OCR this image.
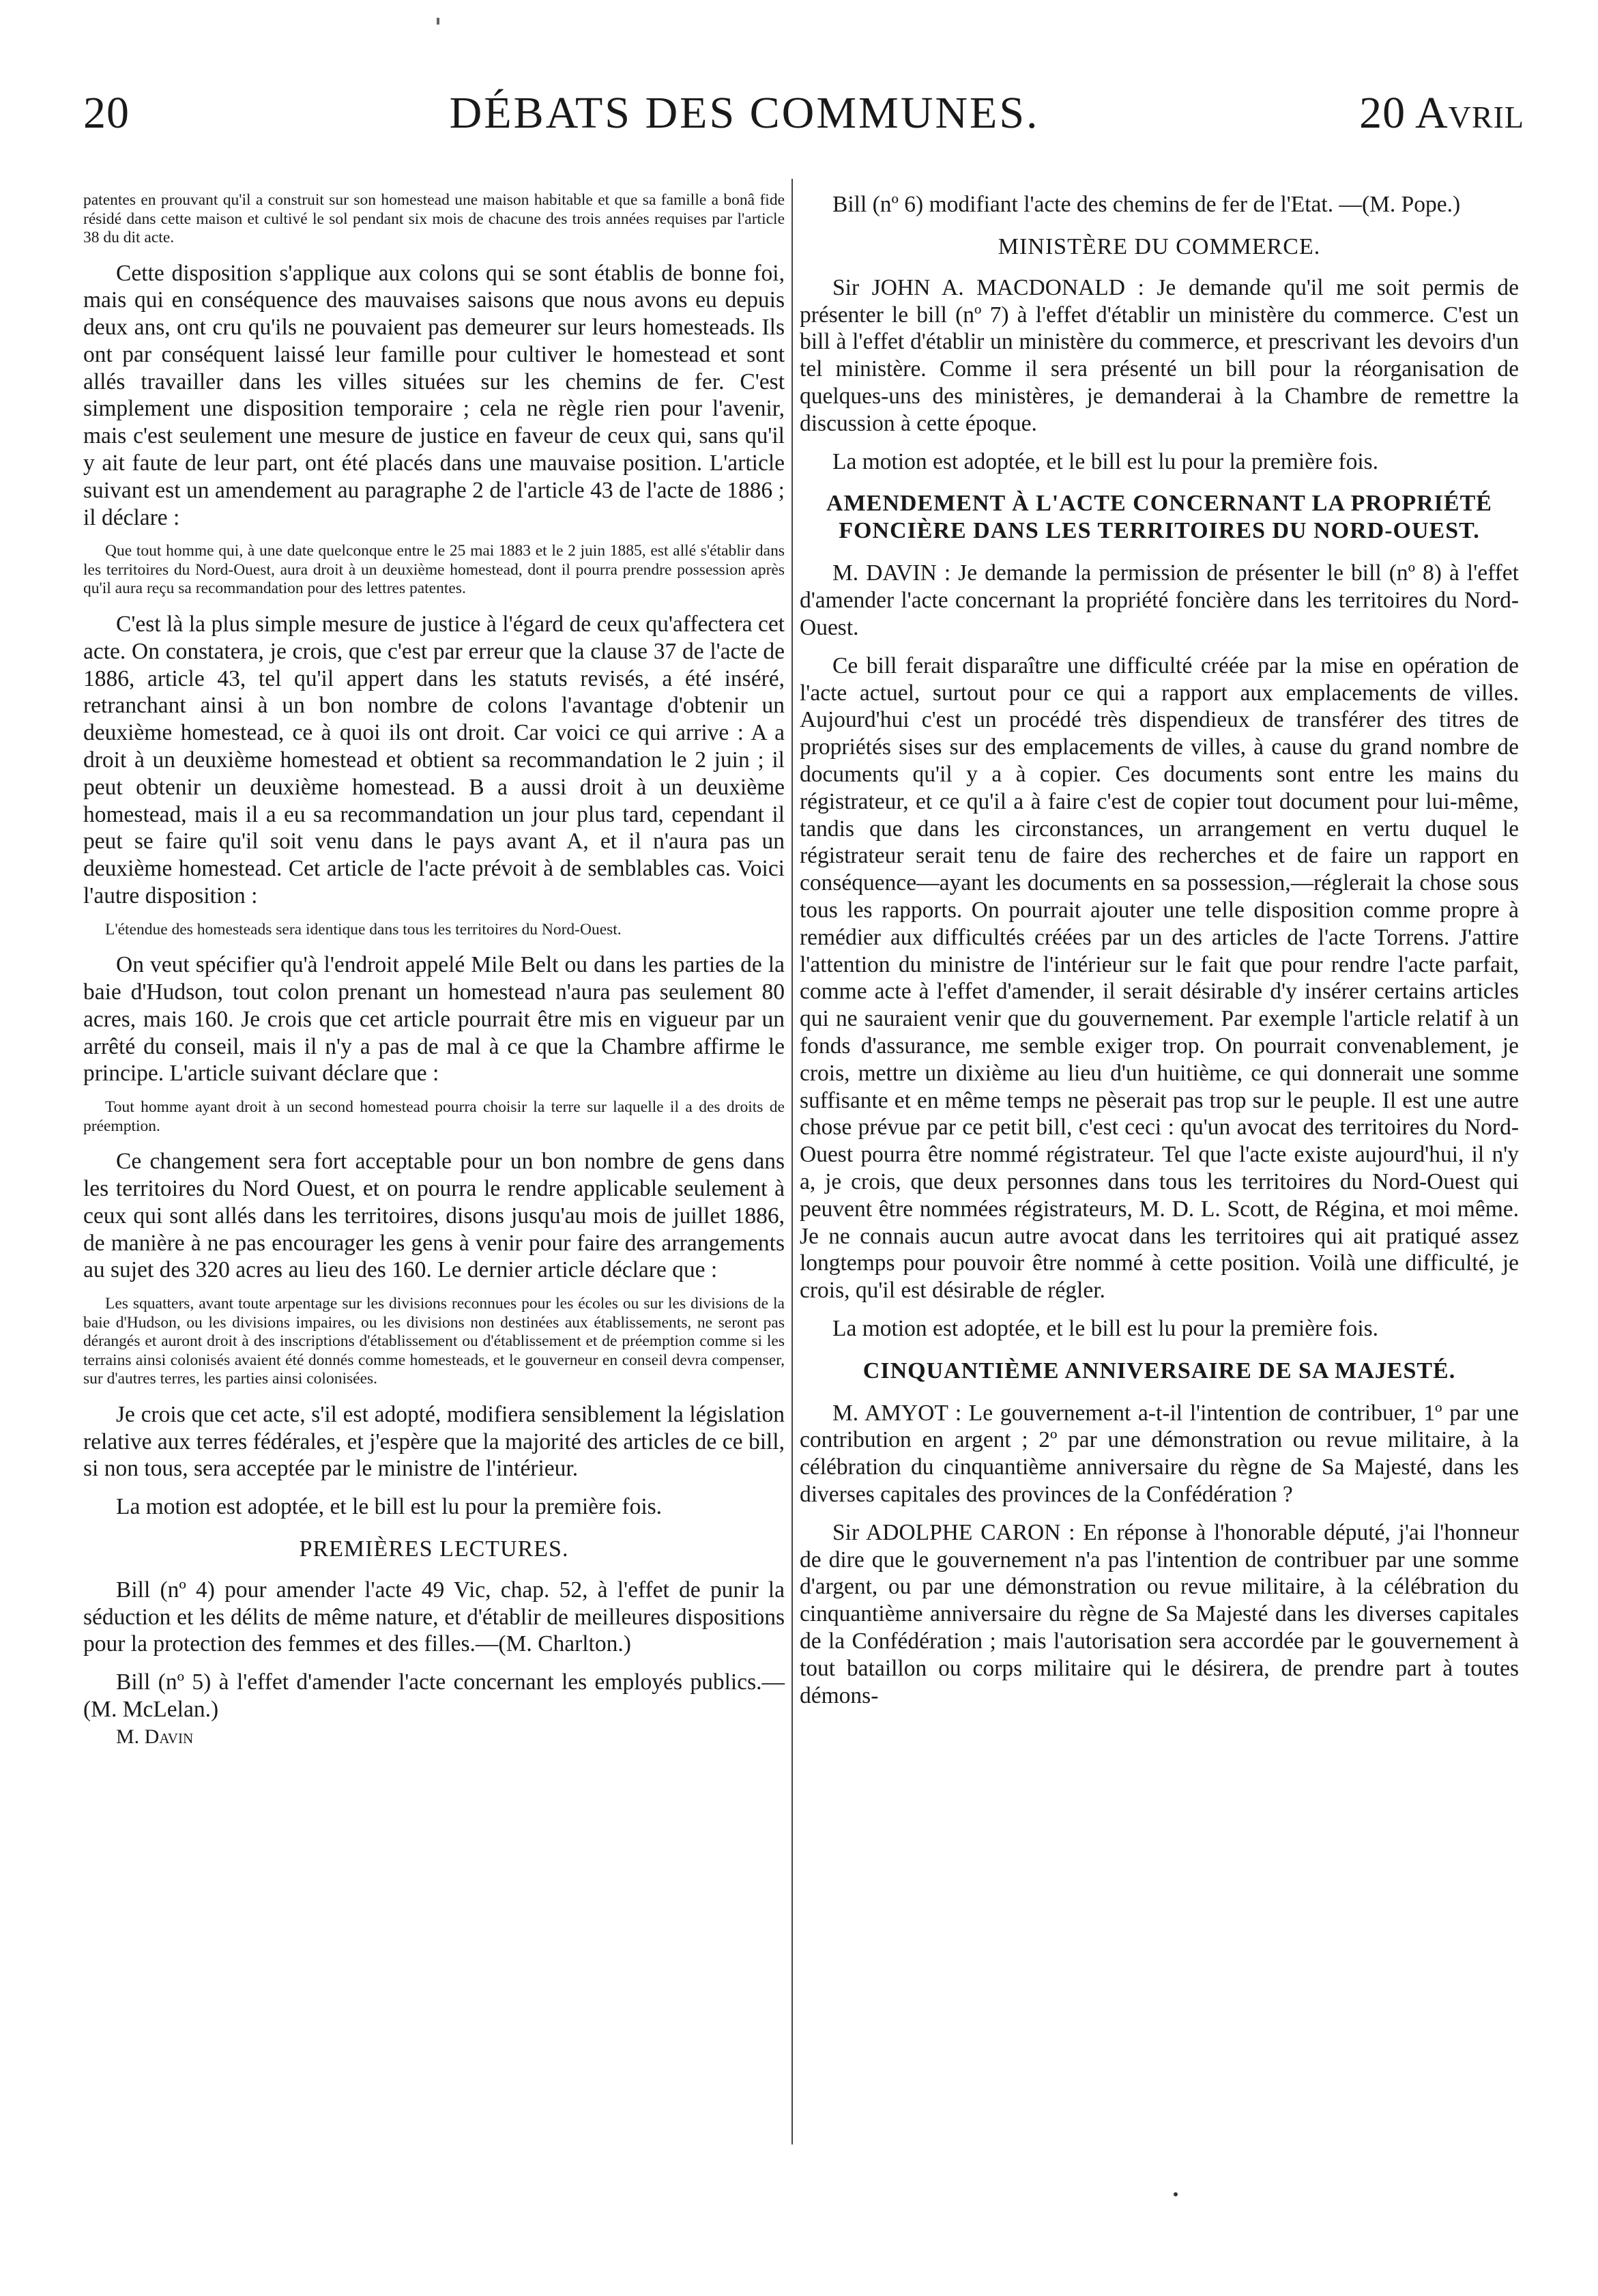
20	DÉBATS DES COMMUNES.	20 Avril

patentes en prouvant qu'il a construit sur son homestead une maison habitable et que sa famille a bonâ fide résidé dans cette maison et cultivé le sol pendant six mois de chacune des trois années requises par l'article 38 du dit acte.

Cette disposition s'applique aux colons qui se sont établis de bonne foi, mais qui en conséquence des mauvaises saisons que nous avons eu depuis deux ans, ont cru qu'ils ne pouvaient pas demeurer sur leurs homesteads. Ils ont par conséquent laissé leur famille pour cultiver le homestead et sont allés travailler dans les villes situées sur les chemins de fer. C'est simplement une disposition temporaire ; cela ne règle rien pour l'avenir, mais c'est seulement une mesure de justice en faveur de ceux qui, sans qu'il y ait faute de leur part, ont été placés dans une mauvaise position. L'article suivant est un amendement au paragraphe 2 de l'article 43 de l'acte de 1886 ; il déclare :

Que tout homme qui, à une date quelconque entre le 25 mai 1883 et le 2 juin 1885, est allé s'établir dans les territoires du Nord-Ouest, aura droit à un deuxième homestead, dont il pourra prendre possession après qu'il aura reçu sa recommandation pour des lettres patentes.

C'est là la plus simple mesure de justice à l'égard de ceux qu'affectera cet acte. On constatera, je crois, que c'est par erreur que la clause 37 de l'acte de 1886, article 43, tel qu'il appert dans les statuts revisés, a été inséré, retranchant ainsi à un bon nombre de colons l'avantage d'obtenir un deuxième homestead, ce à quoi ils ont droit. Car voici ce qui arrive : A a droit à un deuxième homestead et obtient sa recommandation le 2 juin ; il peut obtenir un deuxième homestead. B a aussi droit à un deuxième homestead, mais il a eu sa recommandation un jour plus tard, cependant il peut se faire qu'il soit venu dans le pays avant A, et il n'aura pas un deuxième homestead. Cet article de l'acte prévoit à de semblables cas. Voici l'autre disposition :

L'étendue des homesteads sera identique dans tous les territoires du Nord-Ouest.

On veut spécifier qu'à l'endroit appelé Mile Belt ou dans les parties de la baie d'Hudson, tout colon prenant un homestead n'aura pas seulement 80 acres, mais 160. Je crois que cet article pourrait être mis en vigueur par un arrêté du conseil, mais il n'y a pas de mal à ce que la Chambre affirme le principe. L'article suivant déclare que :

Tout homme ayant droit à un second homestead pourra choisir la terre sur laquelle il a des droits de préemption.

Ce changement sera fort acceptable pour un bon nombre de gens dans les territoires du Nord Ouest, et on pourra le rendre applicable seulement à ceux qui sont allés dans les territoires, disons jusqu'au mois de juillet 1886, de manière à ne pas encourager les gens à venir pour faire des arrangements au sujet des 320 acres au lieu des 160. Le dernier article déclare que :

Les squatters, avant toute arpentage sur les divisions reconnues pour les écoles ou sur les divisions de la baie d'Hudson, ou les divisions impaires, ou les divisions non destinées aux établissements, ne seront pas dérangés et auront droit à des inscriptions d'établissement ou d'établissement et de préemption comme si les terrains ainsi colonisés avaient été donnés comme homesteads, et le gouverneur en conseil devra compenser, sur d'autres terres, les parties ainsi colonisées.

Je crois que cet acte, s'il est adopté, modifiera sensiblement la législation relative aux terres fédérales, et j'espère que la majorité des articles de ce bill, si non tous, sera acceptée par le ministre de l'intérieur.

La motion est adoptée, et le bill est lu pour la première fois.

PREMIÈRES LECTURES.

Bill (nº 4) pour amender l'acte 49 Vic, chap. 52, à l'effet de punir la séduction et les délits de même nature, et d'établir de meilleures dispositions pour la protection des femmes et des filles.—(M. Charlton.)

Bill (nº 5) à l'effet d'amender l'acte concernant les employés publics.—(M. McLelan.)

M. Davin

Bill (nº 6) modifiant l'acte des chemins de fer de l'Etat. —(M. Pope.)

MINISTÈRE DU COMMERCE.

Sir JOHN A. MACDONALD : Je demande qu'il me soit permis de présenter le bill (nº 7) à l'effet d'établir un ministère du commerce. C'est un bill à l'effet d'établir un ministère du commerce, et prescrivant les devoirs d'un tel ministère. Comme il sera présenté un bill pour la réorganisation de quelques-uns des ministères, je demanderai à la Chambre de remettre la discussion à cette époque.

La motion est adoptée, et le bill est lu pour la première fois.

AMENDEMENT À L'ACTE CONCERNANT LA PROPRIÉTÉ FONCIÈRE DANS LES TERRITOIRES DU NORD-OUEST.

M. DAVIN : Je demande la permission de présenter le bill (nº 8) à l'effet d'amender l'acte concernant la propriété foncière dans les territoires du Nord-Ouest.

Ce bill ferait disparaître une difficulté créée par la mise en opération de l'acte actuel, surtout pour ce qui a rapport aux emplacements de villes. Aujourd'hui c'est un procédé très dispendieux de transférer des titres de propriétés sises sur des emplacements de villes, à cause du grand nombre de documents qu'il y a à copier. Ces documents sont entre les mains du régistrateur, et ce qu'il a à faire c'est de copier tout document pour lui-même, tandis que dans les circonstances, un arrangement en vertu duquel le régistrateur serait tenu de faire des recherches et de faire un rapport en conséquence—ayant les documents en sa possession,—réglerait la chose sous tous les rapports. On pourrait ajouter une telle disposition comme propre à remédier aux difficultés créées par un des articles de l'acte Torrens. J'attire l'attention du ministre de l'intérieur sur le fait que pour rendre l'acte parfait, comme acte à l'effet d'amender, il serait désirable d'y insérer certains articles qui ne sauraient venir que du gouvernement. Par exemple l'article relatif à un fonds d'assurance, me semble exiger trop. On pourrait convenablement, je crois, mettre un dixième au lieu d'un huitième, ce qui donnerait une somme suffisante et en même temps ne pèserait pas trop sur le peuple. Il est une autre chose prévue par ce petit bill, c'est ceci : qu'un avocat des territoires du Nord-Ouest pourra être nommé régistrateur. Tel que l'acte existe aujourd'hui, il n'y a, je crois, que deux personnes dans tous les territoires du Nord-Ouest qui peuvent être nommées régistrateurs, M. D. L. Scott, de Régina, et moi même. Je ne connais aucun autre avocat dans les territoires qui ait pratiqué assez longtemps pour pouvoir être nommé à cette position. Voilà une difficulté, je crois, qu'il est désirable de régler.

La motion est adoptée, et le bill est lu pour la première fois.

CINQUANTIÈME ANNIVERSAIRE DE SA MAJESTÉ.

M. AMYOT : Le gouvernement a-t-il l'intention de contribuer, 1º par une contribution en argent ; 2º par une démonstration ou revue militaire, à la célébration du cinquantième anniversaire du règne de Sa Majesté, dans les diverses capitales des provinces de la Confédération ?

Sir ADOLPHE CARON : En réponse à l'honorable député, j'ai l'honneur de dire que le gouvernement n'a pas l'intention de contribuer par une somme d'argent, ou par une démonstration ou revue militaire, à la célébration du cinquantième anniversaire du règne de Sa Majesté dans les diverses capitales de la Confédération ; mais l'autorisation sera accordée par le gouvernement à tout bataillon ou corps militaire qui le désirera, de prendre part à toutes démons-
